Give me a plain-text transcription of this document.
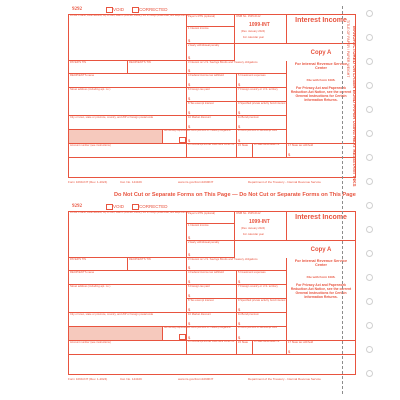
9292	VOID	CORRECTED
PAYER'S name, street address, city or town, state or province, country, ZIP or foreign postal code, and telephone no. Payer's RTN (optional)
1 Interest income
$
2 Early withdrawal penalty
$
OMB No. 1545-0112
1099-INT
(Rev. January 2024)
For calendar year
Interest Income
3 Interest on U.S. Savings Bonds and Treasury obligations
$
PAYER'S TIN	RECIPIENT'S TIN
4 Federal income tax withheld
$
5 Investment expenses
$
RECIPIENT'S name
6 Foreign tax paid
$
7 Foreign country or U.S. territory
Street address (including apt. no.)
8 Tax-exempt interest
$
9 Specified private activity bond interest
$
City or town, state or province, country, and ZIP or foreign postal code	10 Market discount
$
11 Bond premium
$
FATCA filing requirement 12 Bond premium on Treasury obligations
$
13 Bond premium on tax-exempt bond
$
Account number (see instructions)	14 Tax-exempt and tax credit bond CUSIP no. 15 State	16 State identification no.	17 State tax withheld
$
Copy A
For Internal Revenue Service Center
File with Form 1096.
For Privacy Act and Paperwork Reduction Act Notice, see the current General Instructions for Certain Information Returns.
Form 1099-INT (Rev. 1-2024)	Cat. No. 14410K	www.irs.gov/Form1099INT	Department of the Treasury - Internal Revenue Service
Do Not Cut or Separate Forms on This Page — Do Not Cut or Separate Forms on This Page
9292	VOID	CORRECTED
PAYER'S name, street address, city or town, state or province, country, ZIP or foreign postal code, and telephone no. Payer's RTN (optional)
1 Interest income
$
2 Early withdrawal penalty
$
OMB No. 1545-0112
1099-INT
(Rev. January 2024)
For calendar year
Interest Income
3 Interest on U.S. Savings Bonds and Treasury obligations
$
PAYER'S TIN	RECIPIENT'S TIN
4 Federal income tax withheld
$
5 Investment expenses
$
RECIPIENT'S name
6 Foreign tax paid
$
7 Foreign country or U.S. territory
Street address (including apt. no.)
8 Tax-exempt interest
$
9 Specified private activity bond interest
$
City or town, state or province, country, and ZIP or foreign postal code	10 Market discount
$
11 Bond premium
$
FATCA filing requirement 12 Bond premium on Treasury obligations
$
13 Bond premium on tax-exempt bond
$
Account number (see instructions)	14 Tax-exempt and tax credit bond CUSIP no. 15 State	16 State identification no.	17 State tax withheld
$
Copy A
For Internal Revenue Service Center
File with Form 1096.
For Privacy Act and Paperwork Reduction Act Notice, see the current General Instructions for Certain Information Returns.
Form 1099-INT (Rev. 1-2024)	Cat. No. 14410K	www.irs.gov/Form1099INT	Department of the Treasury - Internal Revenue Service
TITLE OF PAPER / PAPER WEIGHT MANUFACTURED ON LASER BOND PAPER USING HEAT RESISTANT INKS
